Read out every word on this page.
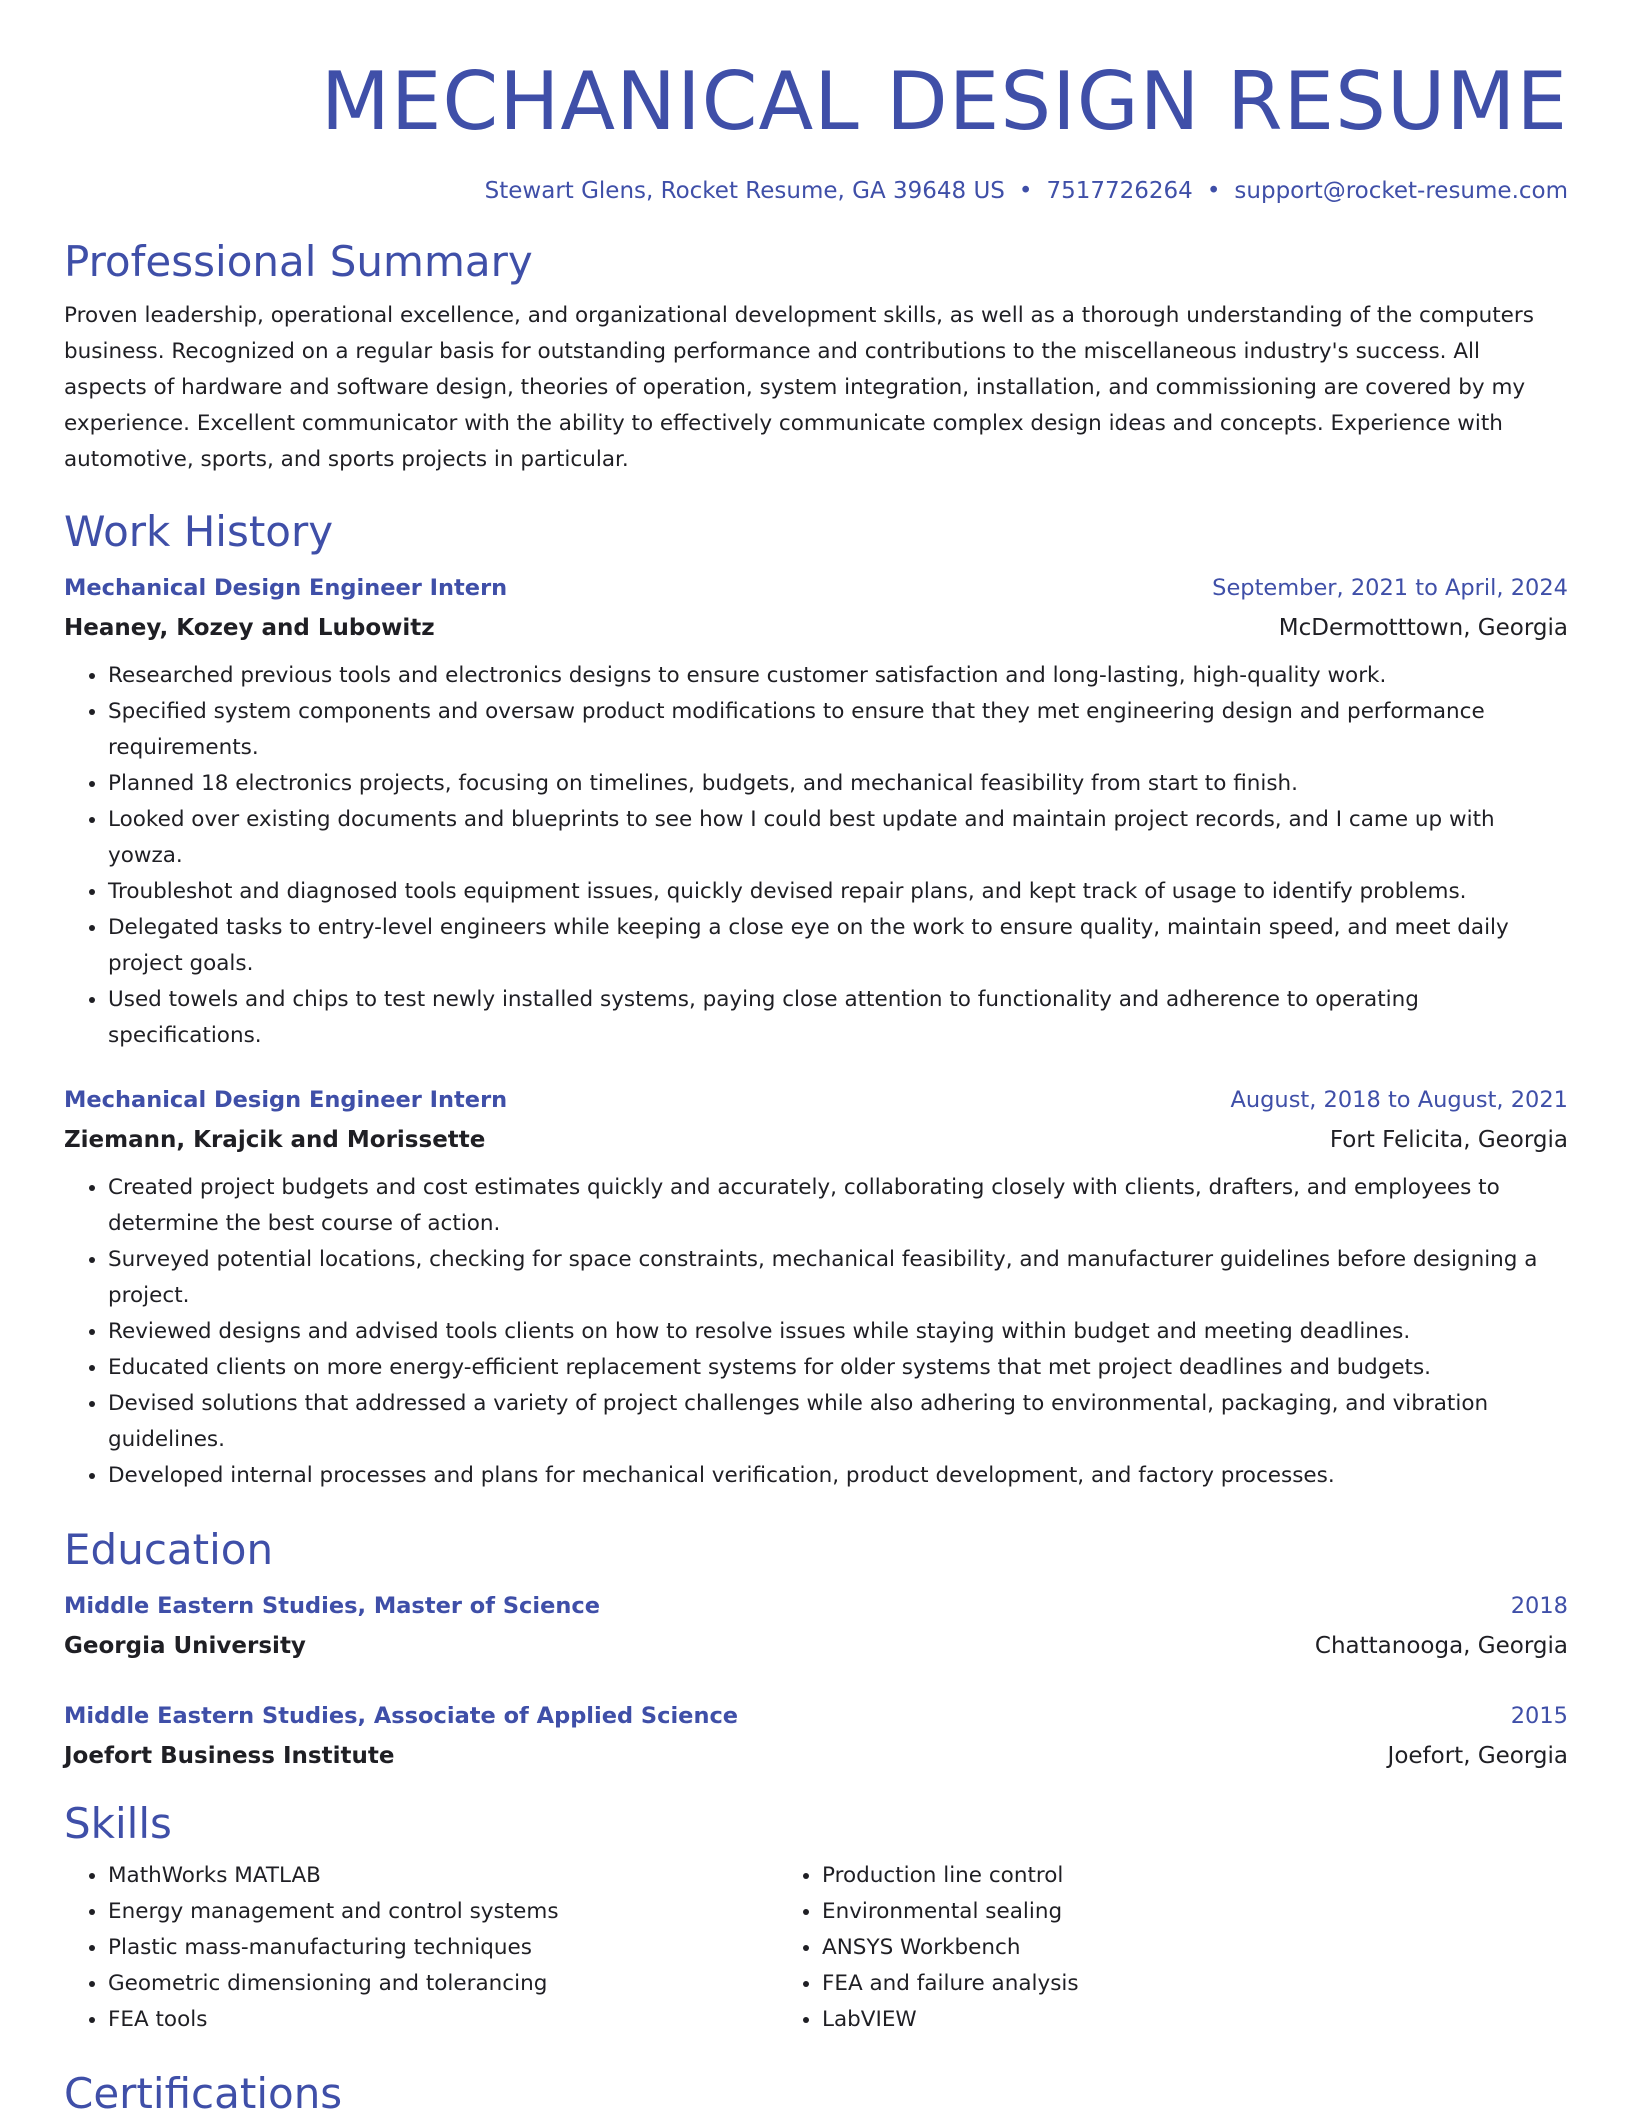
MECHANICAL DESIGN RESUME
Stewart Glens, Rocket Resume, GA 39648 US • 7517726264 • support@rocket-resume.com
Professional Summary

Proven leadership, operational excellence, and organizational development skills, as well as a thorough understanding of the computers business. Recognized on a regular basis for outstanding performance and contributions to the miscellaneous industry's success. All aspects of hardware and software design, theories of operation, system integration, installation, and commissioning are covered by my experience. Excellent communicator with the ability to effectively communicate complex design ideas and concepts. Experience with automotive, sports, and sports projects in particular.

Work History
Mechanical Design Engineer Intern	September, 2021 to April, 2024
Heaney, Kozey and Lubowitz	McDermotttown, Georgia
• Researched previous tools and electronics designs to ensure customer satisfaction and long-lasting, high-quality work.
• Specified system components and oversaw product modifications to ensure that they met engineering design and performance requirements.
• Planned 18 electronics projects, focusing on timelines, budgets, and mechanical feasibility from start to finish.
• Looked over existing documents and blueprints to see how I could best update and maintain project records, and I came up with yowza.
• Troubleshot and diagnosed tools equipment issues, quickly devised repair plans, and kept track of usage to identify problems.
• Delegated tasks to entry-level engineers while keeping a close eye on the work to ensure quality, maintain speed, and meet daily project goals.
• Used towels and chips to test newly installed systems, paying close attention to functionality and adherence to operating specifications.
Mechanical Design Engineer Intern	August, 2018 to August, 2021
Ziemann, Krajcik and Morissette	Fort Felicita, Georgia
• Created project budgets and cost estimates quickly and accurately, collaborating closely with clients, drafters, and employees to determine the best course of action.
• Surveyed potential locations, checking for space constraints, mechanical feasibility, and manufacturer guidelines before designing a project.
• Reviewed designs and advised tools clients on how to resolve issues while staying within budget and meeting deadlines.
• Educated clients on more energy-efficient replacement systems for older systems that met project deadlines and budgets.
• Devised solutions that addressed a variety of project challenges while also adhering to environmental, packaging, and vibration guidelines.
• Developed internal processes and plans for mechanical verification, product development, and factory processes.
Education
Middle Eastern Studies, Master of Science	2018
Georgia University	Chattanooga, Georgia
Middle Eastern Studies, Associate of Applied Science	2015
Joefort Business Institute	Joefort, Georgia
Skills
• MathWorks MATLAB
• Energy management and control systems
• Plastic mass-manufacturing techniques
• Geometric dimensioning and tolerancing
• FEA tools
• Production line control
• Environmental sealing
• ANSYS Workbench
• FEA and failure analysis
• LabVIEW
Certifications
